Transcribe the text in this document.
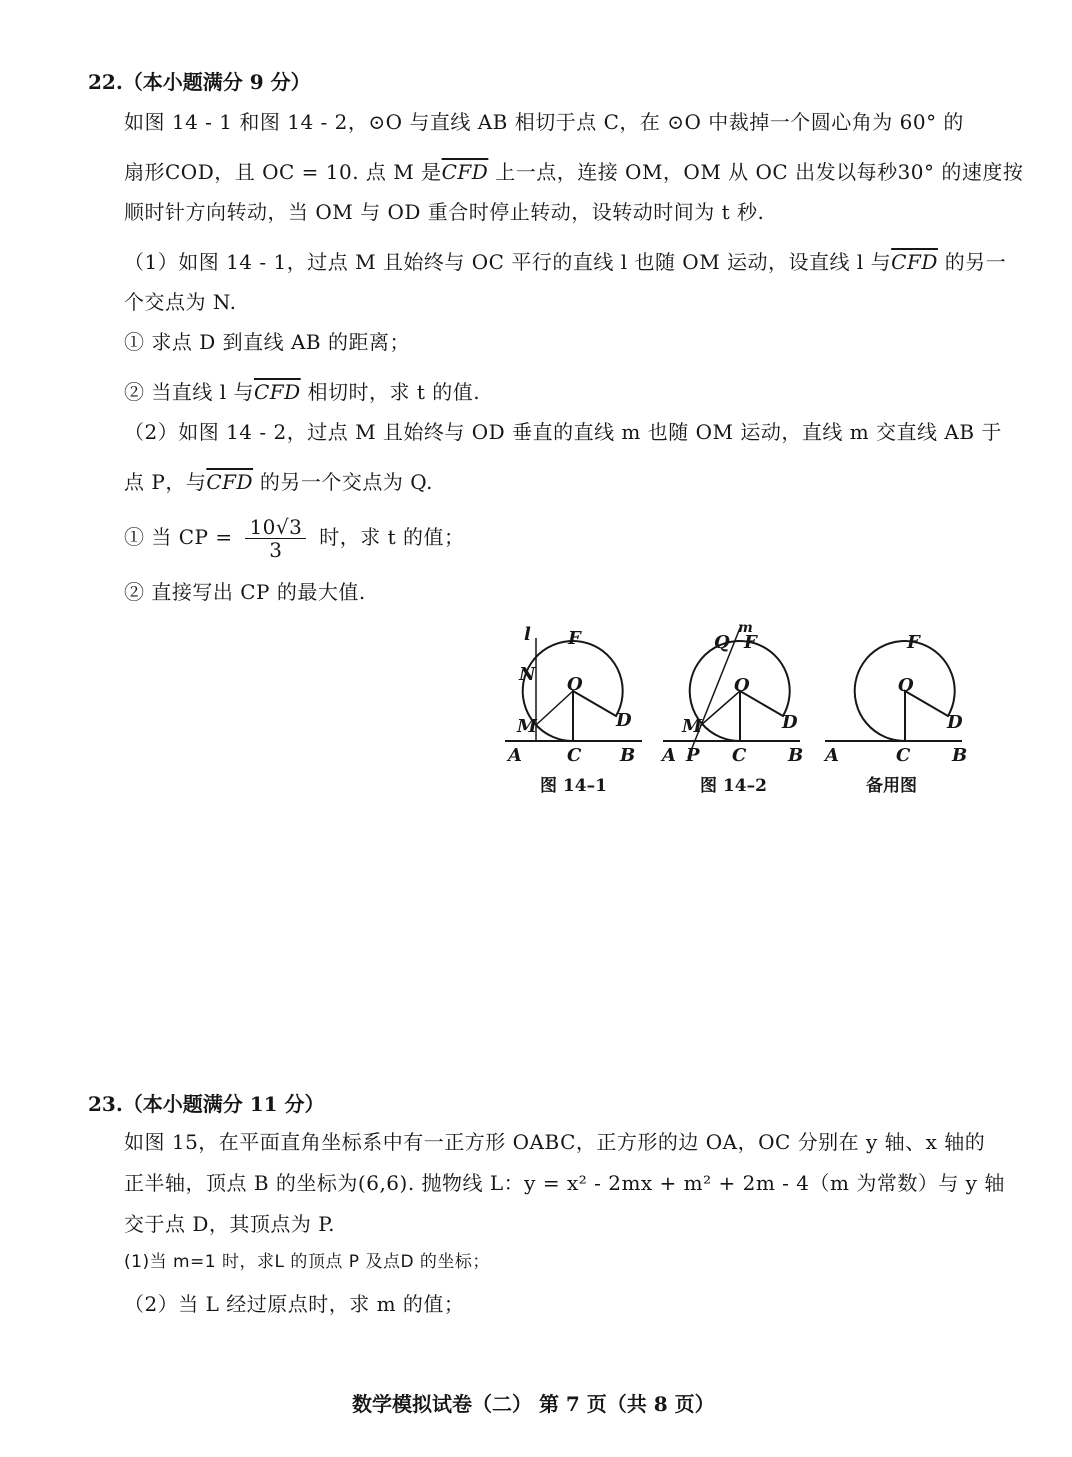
22.（本小题满分 9 分）
如图 14 - 1 和图 14 - 2，⊙O 与直线 AB 相切于点 C，在 ⊙O 中裁掉一个圆心角为 60° 的
扇形COD，且 OC = 10. 点 M 是$\overline{CFD}$ 上一点，连接 OM，OM 从 OC 出发以每秒30° 的速度按
顺时针方向转动，当 OM 与 OD 重合时停止转动，设转动时间为 t 秒.
（1）如图 14 - 1，过点 M 且始终与 OC 平行的直线 l 也随 OM 运动，设直线 l 与$\overline{CFD}$ 的另一
个交点为 N.
① 求点 D 到直线 AB 的距离；
② 当直线 l 与$\overline{CFD}$ 相切时，求 t 的值.
（2）如图 14 - 2，过点 M 且始终与 OD 垂直的直线 m 也随 OM 运动，直线 m 交直线 AB 于
点 P，与$\overline{CFD}$ 的另一个交点为 Q.
① 当 CP = $\frac{10√3}{3}$ 时，求 t 的值；
② 直接写出 CP 的最大值.
l F
N O
M	D
A	C B
图 14–1
Q
m
F
O
M	D
A P C B
图 14–2
F
O
D
A	C B
备用图
23.（本小题满分 11 分）
如图 15，在平面直角坐标系中有一正方形 OABC，正方形的边 OA，OC 分别在 y 轴、x 轴的
正半轴，顶点 B 的坐标为(6,6). 抛物线 L：y = x² - 2mx + m² + 2m - 4（m 为常数）与 y 轴
交于点 D，其顶点为 P.
(1)当 m=1 时，求L 的顶点 P 及点D 的坐标；
（2）当 L 经过原点时，求 m 的值；
数学模拟试卷（二） 第 7 页（共 8 页）
